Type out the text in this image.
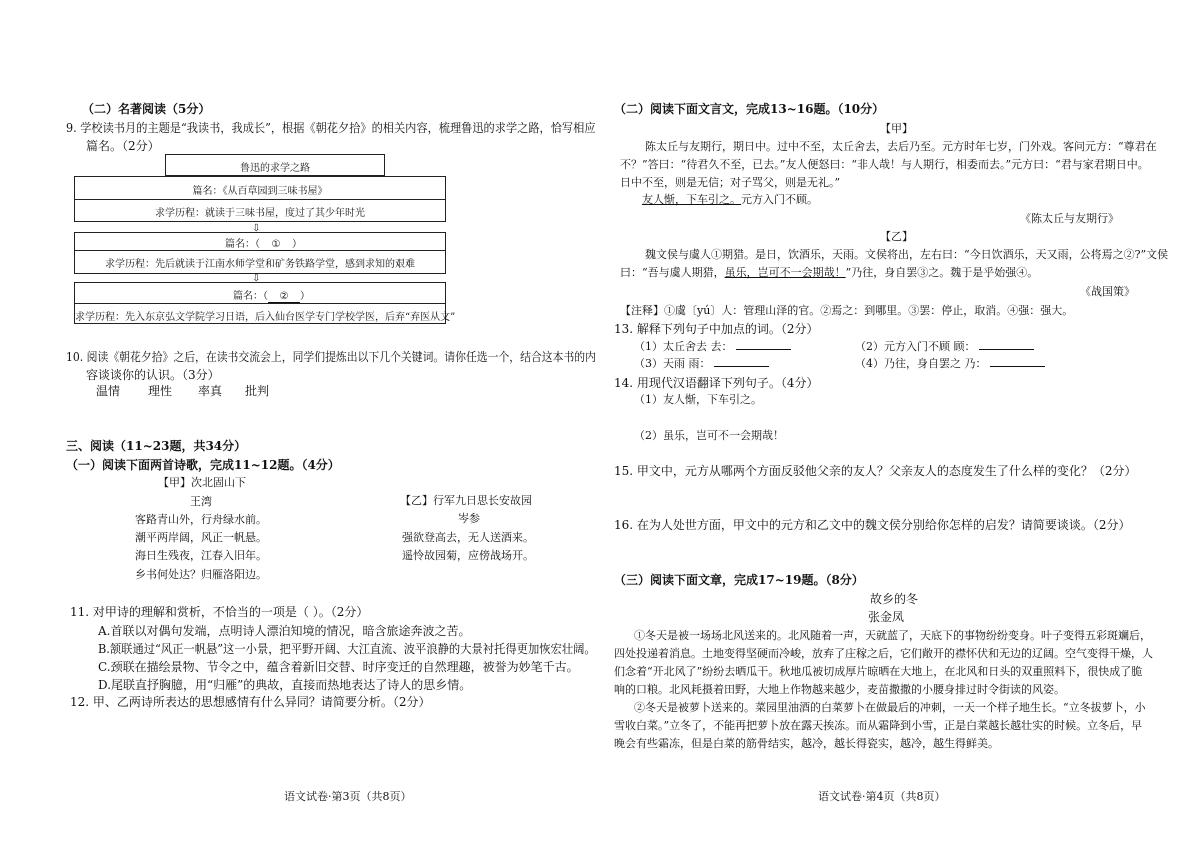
（二）名著阅读（5分）
9. 学校读书月的主题是“我读书，我成长”，根据《朝花夕拾》的相关内容，梳理鲁迅的求学之路，恰写相应
篇名。（2分）
鲁迅的求学之路
篇名：《从百草园到三味书屋》
求学历程：就读于三味书屋，度过了其少年时光
⇩
篇名：（ ① ）
求学历程：先后就读于江南水师学堂和矿务铁路学堂，感到求知的艰难
⇩
篇名：（ ② ）
求学历程：先入东京弘文学院学习日语，后入仙台医学专门学校学医，后弃“弃医从文”
10. 阅读《朝花夕拾》之后，在读书交流会上，同学们提炼出以下几个关键词。请你任选一个，结合这本书的内
容谈谈你的认识。（3分）
温情 理性 率真 批判
三、阅读（11~23题，共34分）
（一）阅读下面两首诗歌，完成11~12题。（4分）
【甲】次北固山下
王湾
客路青山外，行舟绿水前。
潮平两岸阔，风正一帆悬。
海日生残夜，江春入旧年。
乡书何处达？归雁洛阳边。
【乙】行军九日思长安故园
岑参
强欲登高去，无人送酒来。
遥怜故园菊，应傍战场开。
11. 对甲诗的理解和赏析，不恰当的一项是（ ）。（2分）
A.首联以对偶句发端，点明诗人漂泊知境的情况，暗含旅途奔波之苦。
B.颔联通过“风正一帆悬”这一小景，把平野开阔、大江直流、波平浪静的大景衬托得更加恢宏壮阔。
C.颈联在描绘景物、节令之中，蕴含着新旧交替、时序变迁的自然理趣，被誉为妙笔千古。
D.尾联直抒胸臆，用“归雁”的典故，直接而热地表达了诗人的思乡情。
12. 甲、乙两诗所表达的思想感情有什么异同？请简要分析。（2分）
语文试卷·第3页（共8页）
（二）阅读下面文言文，完成13~16题。（10分）
【甲】
陈太丘与友期行，期日中。过中不至，太丘舍去，去后乃至。元方时年七岁，门外戏。客问元方：“尊君在
不？”答曰：“待君久不至，已去。”友人便怒曰：“非人哉！与人期行，相委而去。”元方曰：“君与家君期日中。
日中不至，则是无信；对子骂父，则是无礼。”
友人惭，下车引之。元方入门不顾。
《陈太丘与友期行》
【乙】
魏文侯与虞人①期猎。是日，饮酒乐，天雨。文侯将出，左右曰：“今日饮酒乐，天又雨，公将焉之②?”文侯
曰：“吾与虞人期猎，虽乐，岂可不一会期哉！”乃往，身自罢③之。魏于是乎始强④。
《战国策》
【注释】①虞〔yú〕人：管理山泽的官。②焉之：到哪里。③罢：停止，取消。④强：强大。
13. 解释下列句子中加点的词。（2分）
（1）太丘舍去 去：	（2）元方入门不顾 顾：
（3）天雨 雨：	（4）乃往，身自罢之 乃：
14. 用现代汉语翻译下列句子。（4分）
（1）友人惭，下车引之。
（2）虽乐，岂可不一会期哉！
15. 甲文中，元方从哪两个方面反驳他父亲的友人？父亲友人的态度发生了什么样的变化？（2分）
16. 在为人处世方面，甲文中的元方和乙文中的魏文侯分别给你怎样的启发？请简要谈谈。（2分）
（三）阅读下面文章，完成17~19题。（8分）
故乡的冬
张金凤
①冬天是被一场场北风送来的。北风随着一声，天就蓝了，天底下的事物纷纷变身。叶子变得五彩斑斓后，
四处投递着消息。土地变得坚硬而冷峻，放弃了庄稼之后，它们敞开的襟怀伏和无边的辽阔。空气变得干燥，人
们念着“开北风了”纷纷去晒瓜干。秋地瓜被切成厚片晾晒在大地上，在北风和日头的双重照料下，很快成了脆
响的口粮。北风耗摄着田野，大地上作物越来越少，麦苗撒撒的小腰身排过时令街读的风姿。
②冬天是被萝卜送来的。菜园里油酒的白菜萝卜在做最后的冲刺，一天一个样子地生长。“立冬拔萝卜，小
雪收白菜。”立冬了，不能再把萝卜放在露天挨冻。而从霜降到小雪，正是白菜越长越壮实的时候。立冬后，早
晚会有些霜冻，但是白菜的筋骨结实，越冷，越长得瓷实，越冷，越生得鲜美。
语文试卷·第4页（共8页）
